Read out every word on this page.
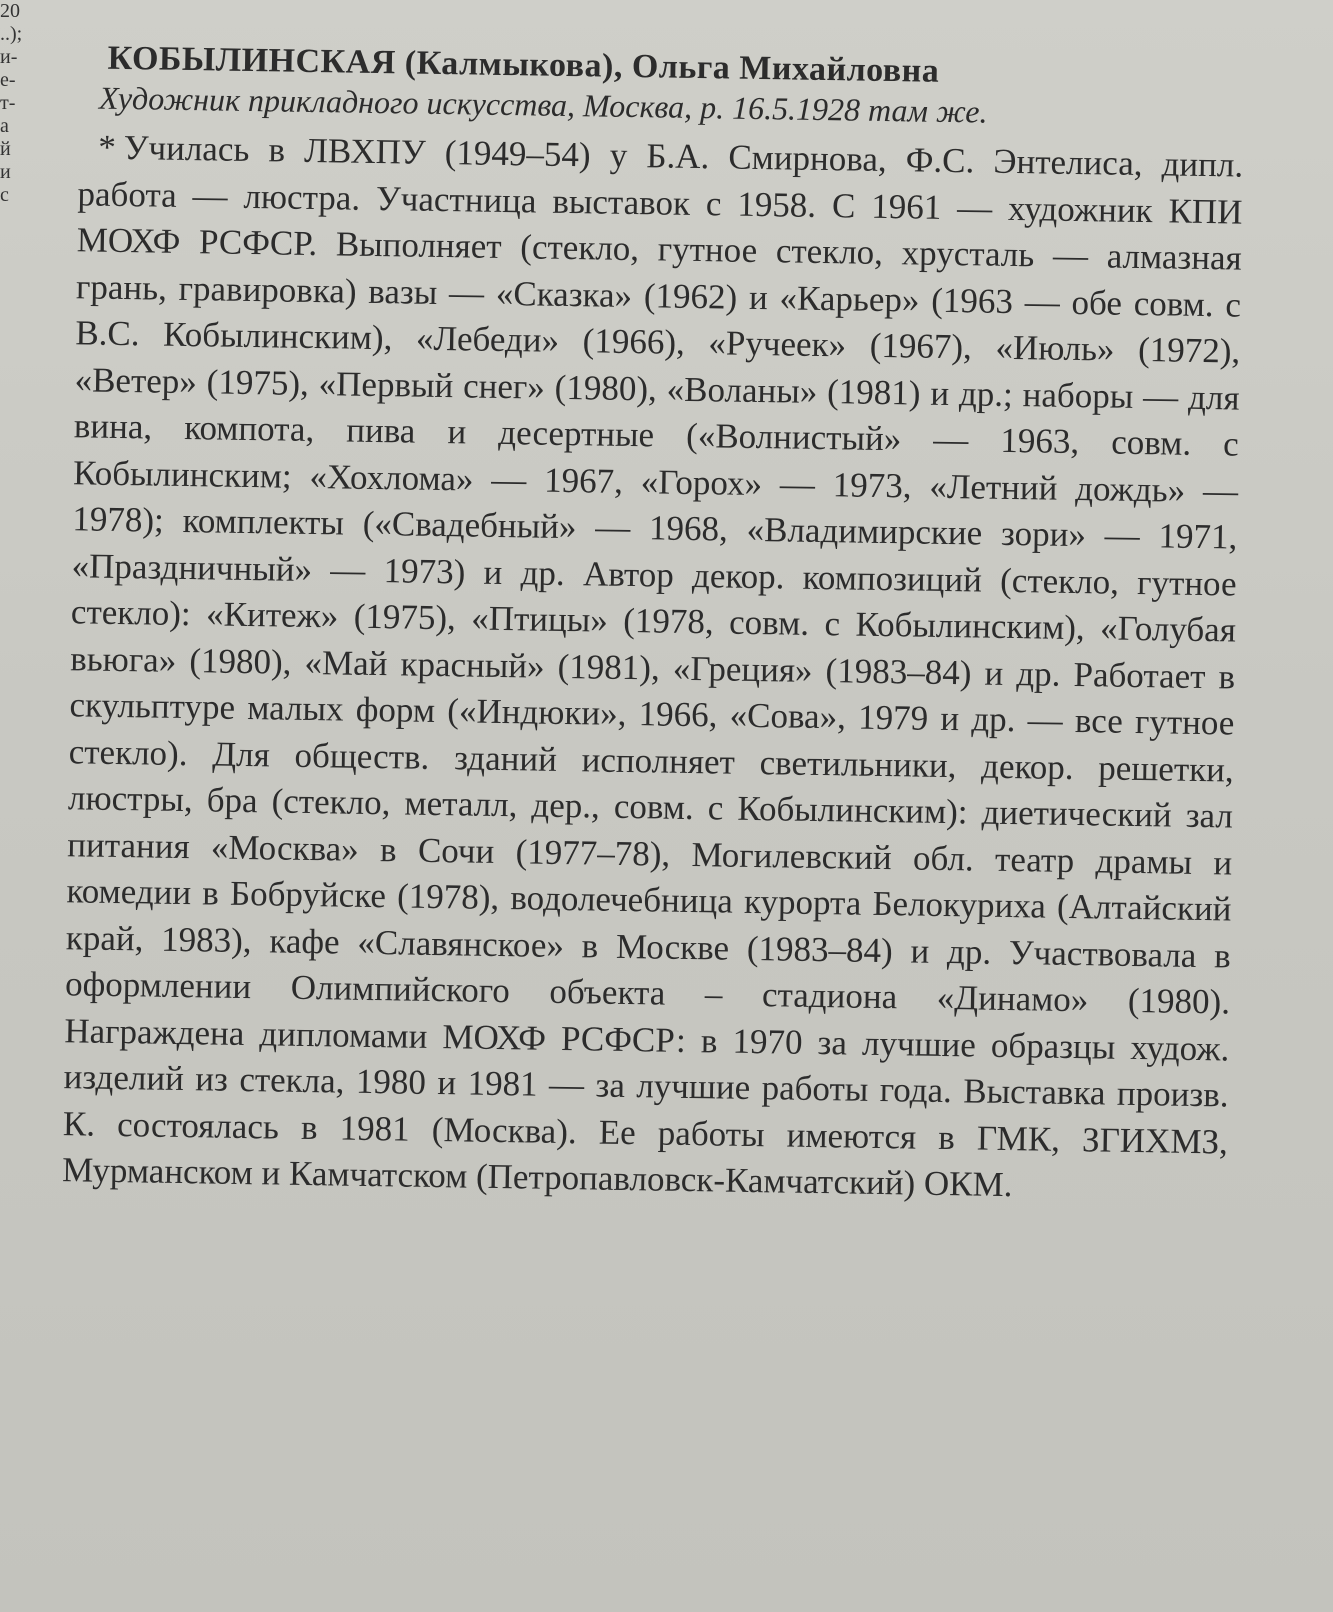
20
..);
и-
е-
т-
а
й
и
с
КОБЫЛИНСКАЯ (Калмыкова), Ольга Михайловна
Художник прикладного искусства, Москва, р. 16.5.1928 там же.
* Училась в ЛВХПУ (1949–54) у Б.А. Смирнова, Ф.С. Энтелиса, дипл. работа — люстра. Участница выставок с 1958. С 1961 — художник КПИ МОХФ РСФСР. Выполняет (стекло, гутное стекло, хрусталь — алмазная грань, гравировка) вазы — «Сказка» (1962) и «Карьер» (1963 — обе совм. с В.С. Кобылинским), «Лебеди» (1966), «Ручеек» (1967), «Июль» (1972), «Ветер» (1975), «Первый снег» (1980), «Воланы» (1981) и др.; наборы — для вина, компота, пива и десертные («Волнистый» — 1963, совм. с Кобылинским; «Хохлома» — 1967, «Горох» — 1973, «Летний дождь» — 1978); комплекты («Свадебный» — 1968, «Владимирские зори» — 1971, «Праздничный» — 1973) и др. Автор декор. композиций (стекло, гутное стекло): «Китеж» (1975), «Птицы» (1978, совм. с Кобылинским), «Голубая вьюга» (1980), «Май красный» (1981), «Греция» (1983–84) и др. Работает в скульптуре малых форм («Индюки», 1966, «Сова», 1979 и др. — все гутное стекло). Для обществ. зданий исполняет светильники, декор. решетки, люстры, бра (стекло, металл, дер., совм. с Кобылинским): диетический зал питания «Москва» в Сочи (1977–78), Могилевский обл. театр драмы и комедии в Бобруйске (1978), водолечебница курорта Белокуриха (Алтайский край, 1983), кафе «Славянское» в Москве (1983–84) и др. Участвовала в оформлении Олимпийского объекта – стадиона «Динамо» (1980). Награждена дипломами МОХФ РСФСР: в 1970 за лучшие образцы худож. изделий из стекла, 1980 и 1981 — за лучшие работы года. Выставка произв. К. состоялась в 1981 (Москва). Ее работы имеются в ГМК, ЗГИХМЗ, Мурманском и Камчатском (Петропавловск-Камчатский) ОКМ.
